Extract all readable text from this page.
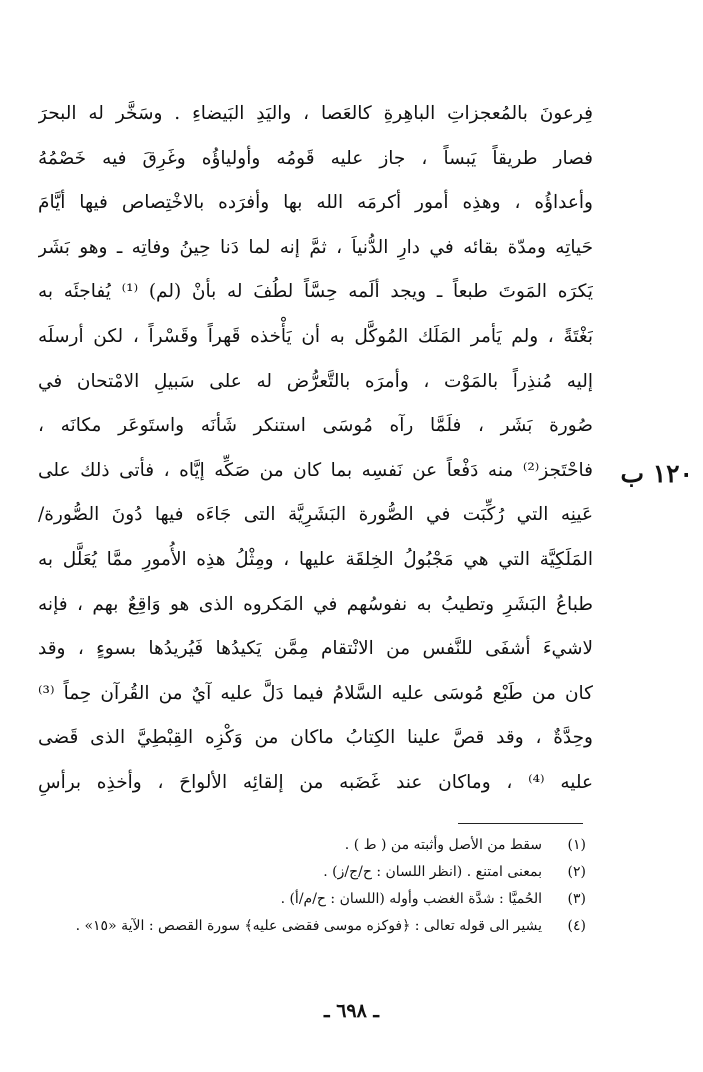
فِرعونَ بالمُعجزاتِ الباهِرةِ كالعَصا ، واليَدِ البَيضاءِ . وسَخَّر له البحرَ
فصار طريقاً يَبساً ، جاز عليه قَومُه وأولياؤُه وغَرِقَ فيه خَصْمُهُ
وأعداؤُه ، وهذِه أمور أكرمَه الله بها وأفرَده بالاخْتِصاص فيها أيَّامَ
حَياتِه ومدّة بقائه في دارِ الدُّنياَ ، ثمَّ إنه لما دَنا حِينُ وفاتِه ـ وهو بَشَر
يَكرَه المَوتَ طبعاً ـ ويجد ألَمه حِسَّاً لطُفَ له بأنْ (لم) ⁽¹⁾ يُفاجئَه به
بَغْتَةً ، ولم يَأمر المَلَك المُوكَّل به أن يَأْخذه قَهراً وقَسْراً ، لكن أرسلَه
إليه مُنذِراً بالمَوْت ، وأمرَه بالتَّعرُّض له على سَبيلِ الامْتحان في
صُورة بَشَر ، فلَمَّا رآه مُوسَى استنكر شَأنَه واستَوعَر مكانَه ،
فاحْتَجز⁽²⁾ منه دَفْعاً عن نَفسِه بما كان من صَكِّه إيَّاه ، فأتى ذلك على
عَينِه التي رُكِّبَت في الصُّورة البَشَرِيَّة التى جَاءَه فيها دُونَ الصُّورة/
المَلَكِيَّة التي هي مَجْبُولُ الخِلقَة عليها ، ومِثْلُ هذِه الأُمورِ ممَّا يُعَلَّل به
طباعُ البَشَرِ وتطيبُ به نفوسُهم في المَكروه الذى هو وَاقِعٌ بهم ، فإنه
لاشيءَ أشفَى للنَّفس من الانْتقام مِمَّن يَكيدُها فَيُريدُها بسوءٍ ، وقد
كان من طَبْع مُوسَى عليه السَّلامُ فيما دَلَّ عليه آيٌ من القُرآن حِماً ⁽³⁾
وحِدَّةٌ ، وقد قصَّ علينا الكِتابُ ماكان من وَكْزِه القِبْطِيَّ الذى قَضى
عليه ⁽⁴⁾ ، وماكان عند غَضَبه من إلقائِه الألواحَ ، وأخذِه برأسِ
١٢٠ ب
(١)
سقط من الأصل وأثبته من ( ط ) .
(٢)
بمعنى امتنع . (انظر اللسان : ح/ج/ز) .
(٣)
الحُميَّا : شدَّة الغضب وأوله (اللسان : ح/م/أ) .
(٤)
يشير الى قوله تعالى : ﴿فوكزه موسى فقضى عليه﴾ سورة القصص : الآية «١٥» .
ـ ٦٩٨ ـ
